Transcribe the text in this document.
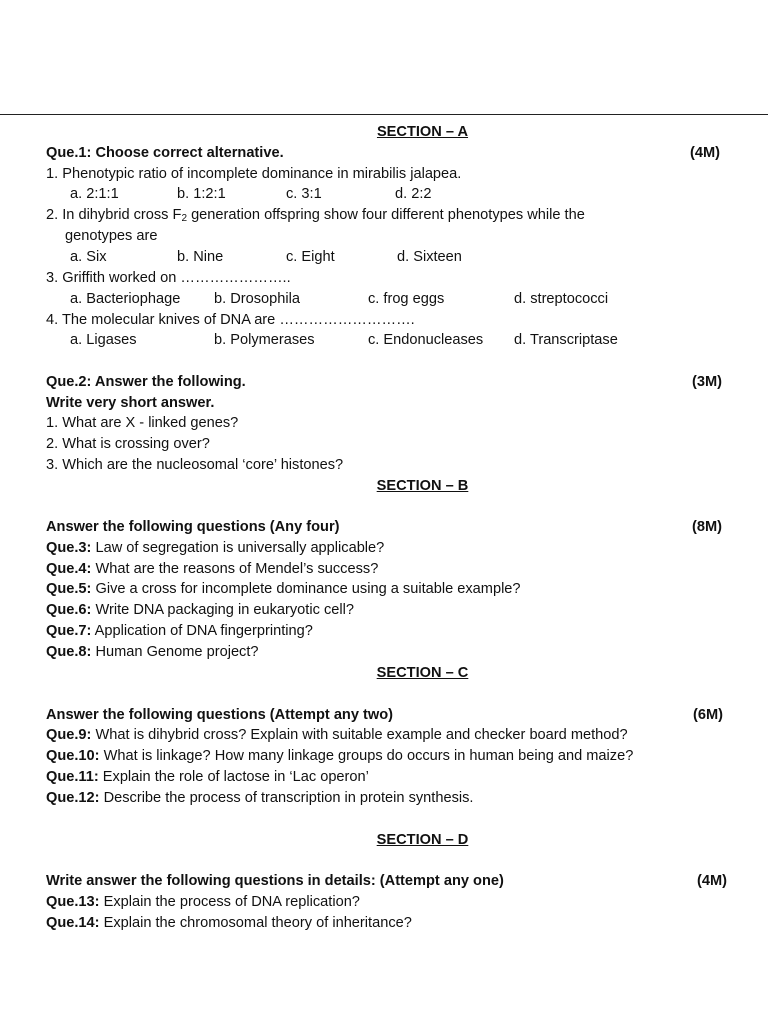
SECTION – A
Que.1: Choose correct alternative.	(4M)
1. Phenotypic ratio of incomplete dominance in mirabilis jalapea.
a. 2:1:1	b. 1:2:1	c. 3:1	d. 2:2
2. In dihybrid cross $F_2$ generation offspring show four different phenotypes while the
genotypes are
a. Six	b. Nine	c. Eight	d. Sixteen
3. Griffith worked on …………………..
a. Bacteriophage b. Drosophila	c. frog eggs	d. streptococci
4. The molecular knives of DNA are ……………………….
a. Ligases	b. Polymerases	c. Endonucleases d. Transcriptase
Que.2: Answer the following.	(3M)
Write very short answer.
1. What are X - linked genes?
2. What is crossing over?
3. Which are the nucleosomal ‘core’ histones?
SECTION – B
Answer the following questions (Any four)	(8M)
Que.3: Law of segregation is universally applicable?
Que.4: What are the reasons of Mendel’s success?
Que.5: Give a cross for incomplete dominance using a suitable example?
Que.6: Write DNA packaging in eukaryotic cell?
Que.7: Application of DNA fingerprinting?
Que.8: Human Genome project?
SECTION – C
Answer the following questions (Attempt any two)	(6M)
Que.9: What is dihybrid cross? Explain with suitable example and checker board method?
Que.10: What is linkage? How many linkage groups do occurs in human being and maize?
Que.11: Explain the role of lactose in ‘Lac operon’
Que.12: Describe the process of transcription in protein synthesis.
SECTION – D
Write answer the following questions in details: (Attempt any one)	(4M)
Que.13: Explain the process of DNA replication?
Que.14: Explain the chromosomal theory of inheritance?
